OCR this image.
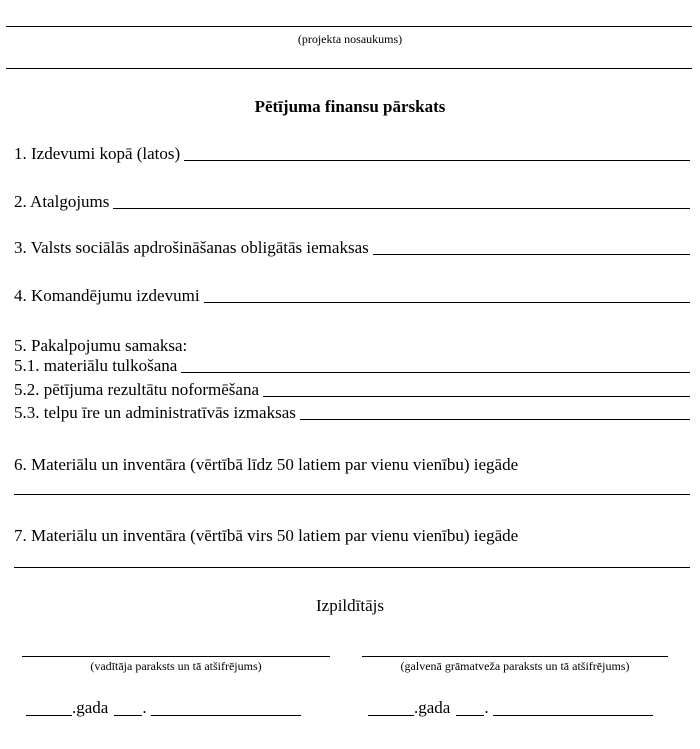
(projekta nosaukums)
Pētījuma finansu pārskats
1. Izdevumi kopā (latos)
2. Atalgojums
3. Valsts sociālās apdrošināšanas obligātās iemaksas
4. Komandējumu izdevumi
5. Pakalpojumu samaksa:
5.1. materiālu tulkošana
5.2. pētījuma rezultātu noformēšana
5.3. telpu īre un administratīvās izmaksas
6. Materiālu un inventāra (vērtībā līdz 50 latiem par vienu vienību) iegāde
7. Materiālu un inventāra (vērtībā virs 50 latiem par vienu vienību) iegāde
Izpildītājs
(vadītāja paraksts un tā atšifrējums)	(galvenā grāmatveža paraksts un tā atšifrējums)
.gada .	.gada .
